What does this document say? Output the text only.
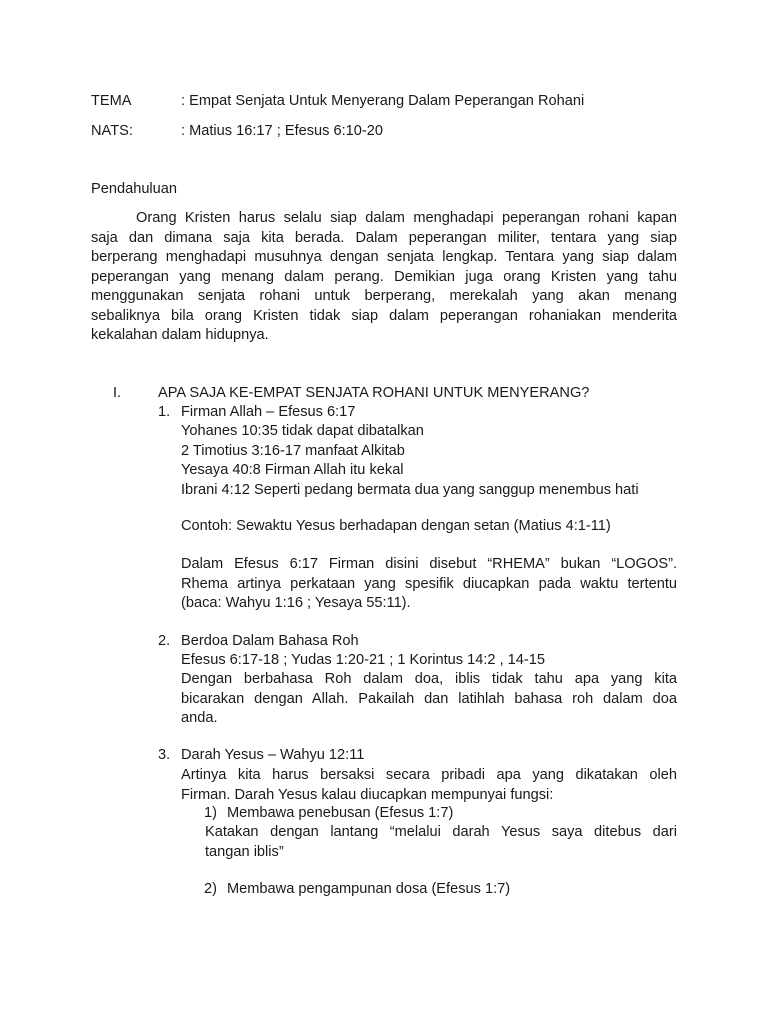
TEMA	: Empat Senjata Untuk Menyerang Dalam Peperangan Rohani
NATS:	: Matius 16:17 ; Efesus 6:10-20
Pendahuluan
Orang Kristen harus selalu siap dalam menghadapi peperangan rohani kapan
saja dan dimana saja kita berada. Dalam peperangan militer, tentara yang siap
berperang menghadapi musuhnya dengan senjata lengkap. Tentara yang siap dalam
peperangan yang menang dalam perang. Demikian juga orang Kristen yang tahu
menggunakan senjata rohani untuk berperang, merekalah yang akan menang
sebaliknya bila orang Kristen tidak siap dalam peperangan rohaniakan menderita
kekalahan dalam hidupnya.
I.	APA SAJA KE-EMPAT SENJATA ROHANI UNTUK MENYERANG?
1. Firman Allah – Efesus 6:17
Yohanes 10:35 tidak dapat dibatalkan
2 Timotius 3:16-17 manfaat Alkitab
Yesaya 40:8 Firman Allah itu kekal
Ibrani 4:12 Seperti pedang bermata dua yang sanggup menembus hati
Contoh: Sewaktu Yesus berhadapan dengan setan (Matius 4:1-11)
Dalam Efesus 6:17 Firman disini disebut “RHEMA” bukan “LOGOS”.
Rhema artinya perkataan yang spesifik diucapkan pada waktu tertentu
(baca: Wahyu 1:16 ; Yesaya 55:11).
2. Berdoa Dalam Bahasa Roh
Efesus 6:17-18 ; Yudas 1:20-21 ; 1 Korintus 14:2 , 14-15
Dengan berbahasa Roh dalam doa, iblis tidak tahu apa yang kita
bicarakan dengan Allah. Pakailah dan latihlah bahasa roh dalam doa
anda.
3. Darah Yesus – Wahyu 12:11
Artinya kita harus bersaksi secara pribadi apa yang dikatakan oleh
Firman. Darah Yesus kalau diucapkan mempunyai fungsi:
1) Membawa penebusan (Efesus 1:7)
Katakan dengan lantang “melalui darah Yesus saya ditebus dari
tangan iblis”
2) Membawa pengampunan dosa (Efesus 1:7)
